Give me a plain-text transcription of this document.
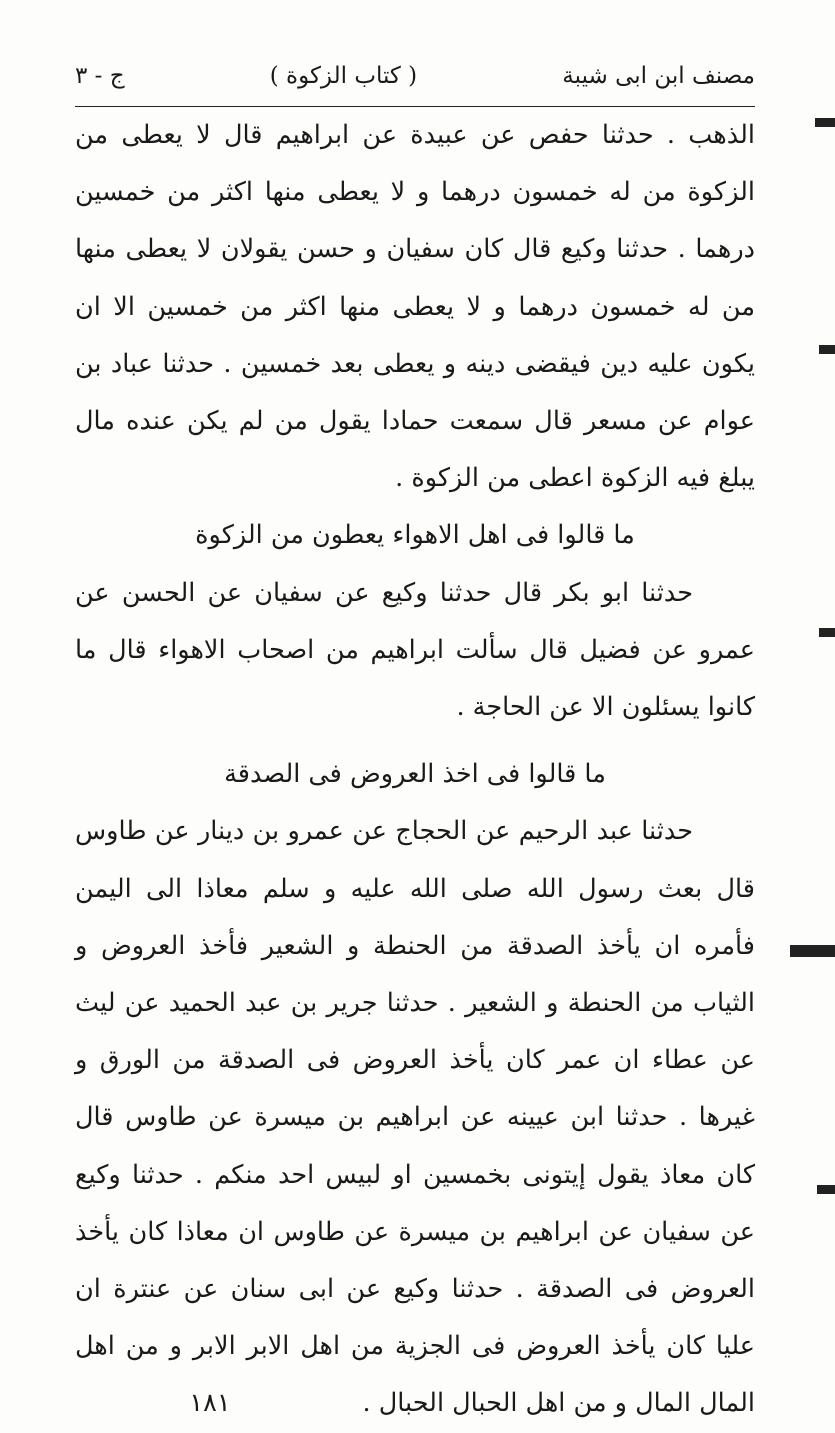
مصنف ابن ابى شيبة
( كتاب الزكوة )
ج - ٣

الذهب . حدثنا حفص عن عبيدة عن ابراهيم قال لا يعطى من الزكوة من له خمسون درهما و لا يعطى منها اكثر من خمسين درهما . حدثنا وكيع قال كان سفيان و حسن يقولان لا يعطى منها من له خمسون درهما و لا يعطى منها اكثر من خمسين الا ان يكون عليه دين فيقضى دينه و يعطى بعد خمسين . حدثنا عباد بن عوام عن مسعر قال سمعت حمادا يقول من لم يكن عنده مال يبلغ فيه الزكوة اعطى من الزكوة .

ما قالوا فى اهل الاهواء يعطون من الزكوة

حدثنا ابو بكر قال حدثنا وكيع عن سفيان عن الحسن عن عمرو عن فضيل قال سألت ابراهيم من اصحاب الاهواء قال ما كانوا يسئلون الا عن الحاجة .

ما قالوا فى اخذ العروض فى الصدقة

حدثنا عبد الرحيم عن الحجاج عن عمرو بن دينار عن طاوس قال بعث رسول الله صلى الله عليه و سلم معاذا الى اليمن فأمره ان يأخذ الصدقة من الحنطة و الشعير فأخذ العروض و الثياب من الحنطة و الشعير . حدثنا جرير بن عبد الحميد عن ليث عن عطاء ان عمر كان يأخذ العروض فى الصدقة من الورق و غيرها . حدثنا ابن عيينه عن ابراهيم بن ميسرة عن طاوس قال كان معاذ يقول إيتونى بخمسين او لبيس احد منكم . حدثنا وكيع عن سفيان عن ابراهيم بن ميسرة عن طاوس ان معاذا كان يأخذ العروض فى الصدقة . حدثنا وكيع عن ابى سنان عن عنترة ان عليا كان يأخذ العروض فى الجزية من اهل الابر الابر و من اهل المال المال و من اهل الحبال الحبال .١٨١
